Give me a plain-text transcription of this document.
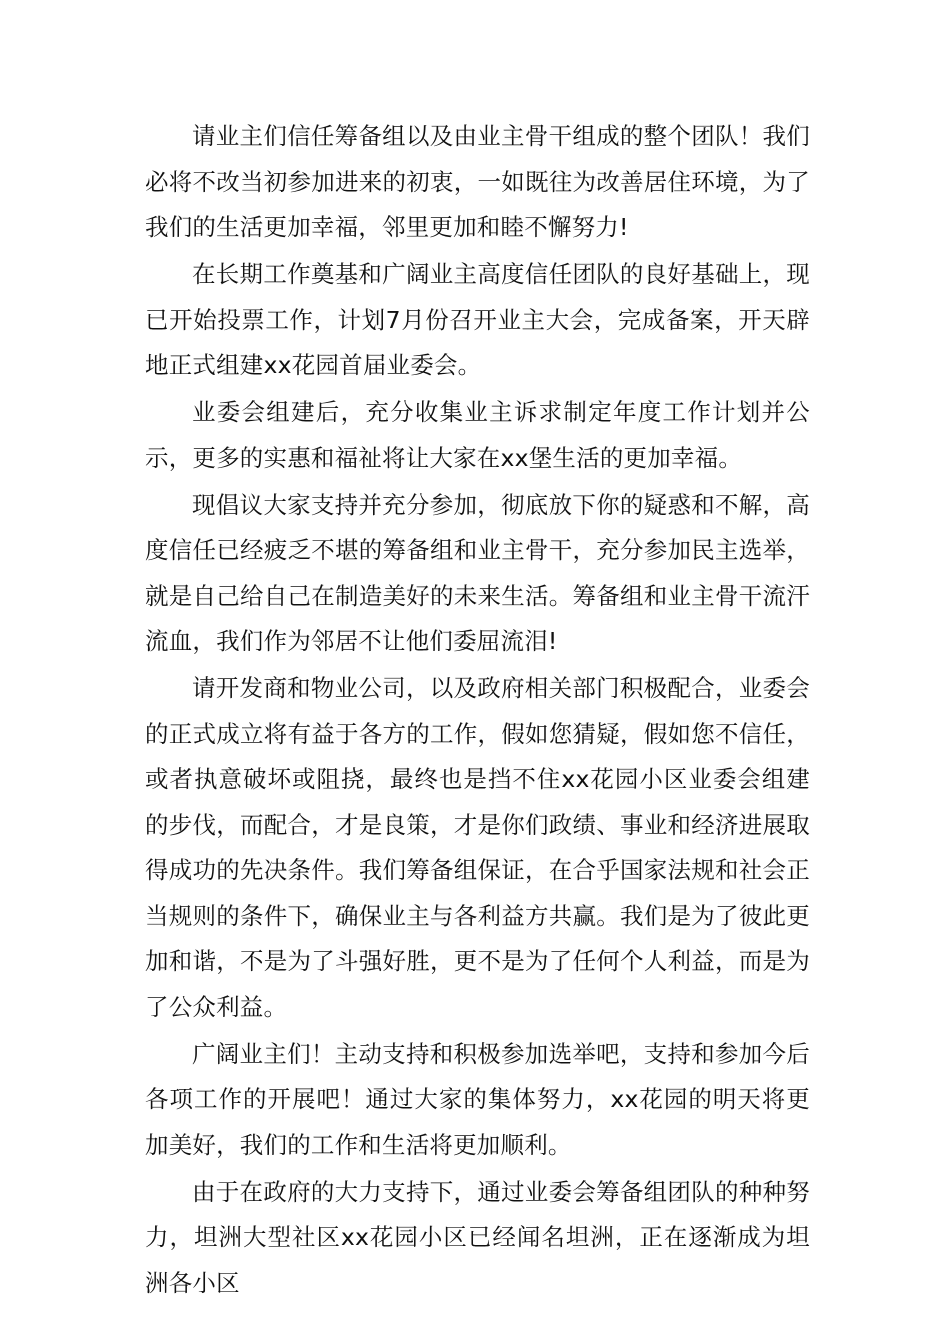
请业主们信任筹备组以及由业主骨干组成的整个团队！我们必将不改当初参加进来的初衷，一如既往为改善居住环境，为了我们的生活更加幸福，邻里更加和睦不懈努力!

在长期工作奠基和广阔业主高度信任团队的良好基础上，现已开始投票工作，计划7月份召开业主大会，完成备案，开天辟地正式组建xx花园首届业委会。

业委会组建后，充分收集业主诉求制定年度工作计划并公示，更多的实惠和福祉将让大家在xx堡生活的更加幸福。

现倡议大家支持并充分参加，彻底放下你的疑惑和不解，高度信任已经疲乏不堪的筹备组和业主骨干，充分参加民主选举，就是自己给自己在制造美好的未来生活。筹备组和业主骨干流汗流血，我们作为邻居不让他们委屈流泪!

请开发商和物业公司，以及政府相关部门积极配合，业委会的正式成立将有益于各方的工作，假如您猜疑，假如您不信任，或者执意破坏或阻挠，最终也是挡不住xx花园小区业委会组建的步伐，而配合，才是良策，才是你们政绩、事业和经济进展取得成功的先决条件。我们筹备组保证，在合乎国家法规和社会正当规则的条件下，确保业主与各利益方共赢。我们是为了彼此更加和谐，不是为了斗强好胜，更不是为了任何个人利益，而是为了公众利益。

广阔业主们！主动支持和积极参加选举吧，支持和参加今后各项工作的开展吧！通过大家的集体努力，xx花园的明天将更加美好，我们的工作和生活将更加顺利。

由于在政府的大力支持下，通过业委会筹备组团队的种种努力，坦洲大型社区xx花园小区已经闻名坦洲，正在逐渐成为坦洲各小区
